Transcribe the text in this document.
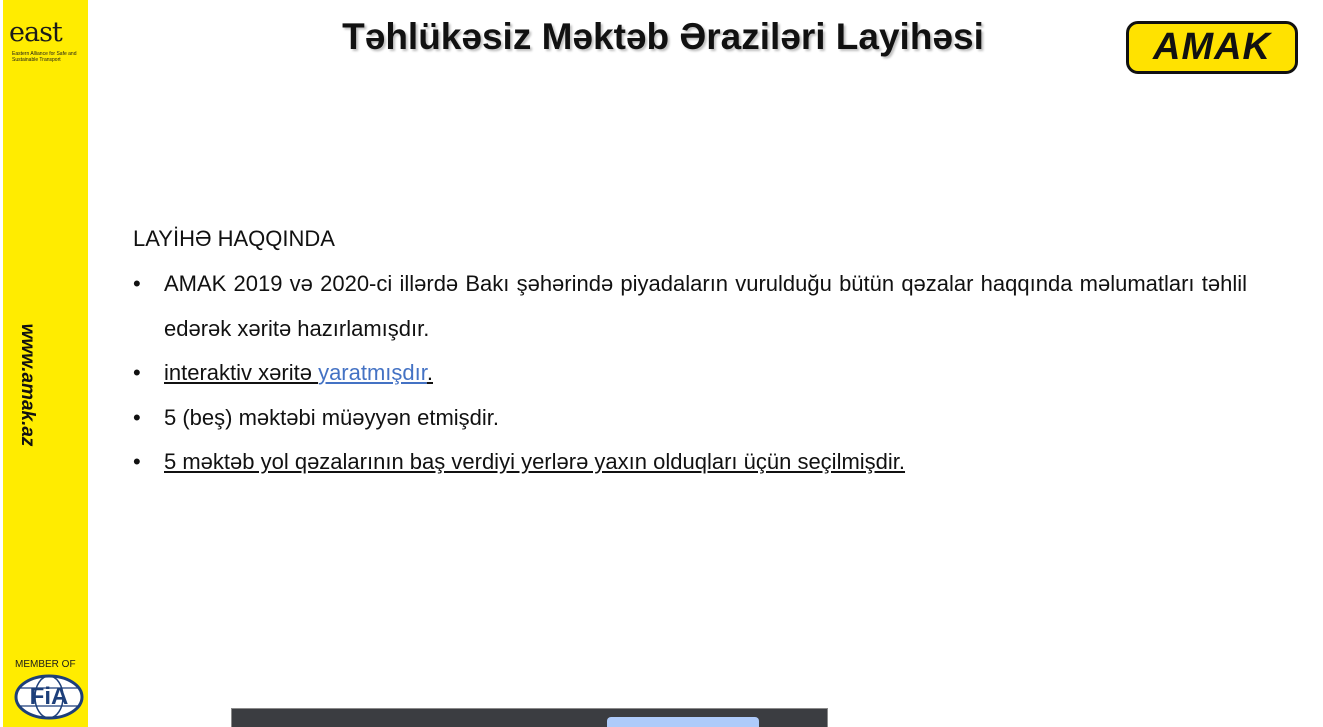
east
Eastern Alliance for Safe and Sustainable Transport
www.amak.az
MEMBER OF
FiA
Təhlükəsiz Məktəb Əraziləri Layihəsi	AMAK
LAYİHƏ HAQQINDA
• AMAK 2019 və 2020-ci illərdə Bakı şəhərində piyadaların vurulduğu bütün qəzalar haqqında məlumatları təhlil edərək xəritə hazırlamışdır.
• interaktiv xəritə yaratmışdır.
• 5 (beş) məktəbi müəyyən etmişdir.
• 5 məktəb yol qəzalarının baş verdiyi yerlərə yaxın olduqları üçün seçilmişdir.
